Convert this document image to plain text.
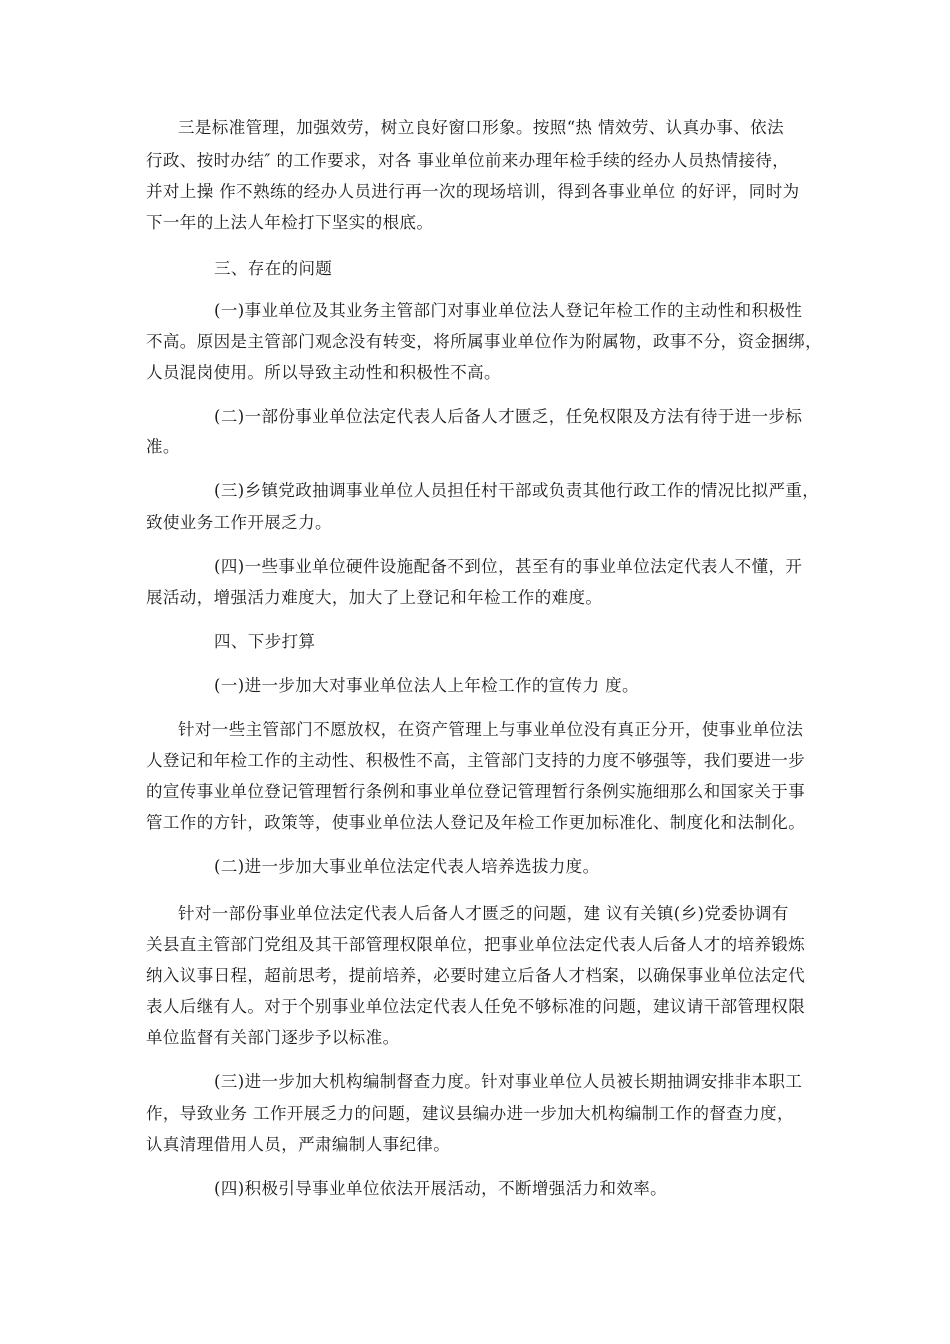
三是标准管理，加强效劳，树立良好窗口形象。按照“热 情效劳、认真办事、依法
行政、按时办结″ 的工作要求，对各 事业单位前来办理年检手续的经办人员热情接待，
并对上操 作不熟练的经办人员进行再一次的现场培训，得到各事业单位 的好评，同时为
下一年的上法人年检打下坚实的根底。
三、存在的问题
(一)事业单位及其业务主管部门对事业单位法人登记年检工作的主动性和积极性
不高。原因是主管部门观念没有转变，将所属事业单位作为附属物，政事不分，资金捆绑，
人员混岗使用。所以导致主动性和积极性不高。
(二)一部份事业单位法定代表人后备人才匮乏，任免权限及方法有待于进一步标
准。
(三)乡镇党政抽调事业单位人员担任村干部或负责其他行政工作的情况比拟严重，
致使业务工作开展乏力。
(四)一些事业单位硬件设施配备不到位，甚至有的事业单位法定代表人不懂，开
展活动，增强活力难度大，加大了上登记和年检工作的难度。
四、下步打算
(一)进一步加大对事业单位法人上年检工作的宣传力 度。
针对一些主管部门不愿放权，在资产管理上与事业单位没有真正分开，使事业单位法
人登记和年检工作的主动性、积极性不高，主管部门支持的力度不够强等，我们要进一步
的宣传事业单位登记管理暂行条例和事业单位登记管理暂行条例实施细那么和国家关于事
管工作的方针，政策等，使事业单位法人登记及年检工作更加标准化、制度化和法制化。
(二)进一步加大事业单位法定代表人培养选拔力度。
针对一部份事业单位法定代表人后备人才匮乏的问题，建 议有关镇(乡)党委协调有
关县直主管部门党组及其干部管理权限单位，把事业单位法定代表人后备人才的培养锻炼
纳入议事日程，超前思考，提前培养，必要时建立后备人才档案，以确保事业单位法定代
表人后继有人。对于个别事业单位法定代表人任免不够标准的问题，建议请干部管理权限
单位监督有关部门逐步予以标准。
(三)进一步加大机构编制督查力度。针对事业单位人员被长期抽调安排非本职工
作，导致业务 工作开展乏力的问题，建议县编办进一步加大机构编制工作的督查力度，
认真清理借用人员，严肃编制人事纪律。
(四)积极引导事业单位依法开展活动，不断增强活力和效率。
